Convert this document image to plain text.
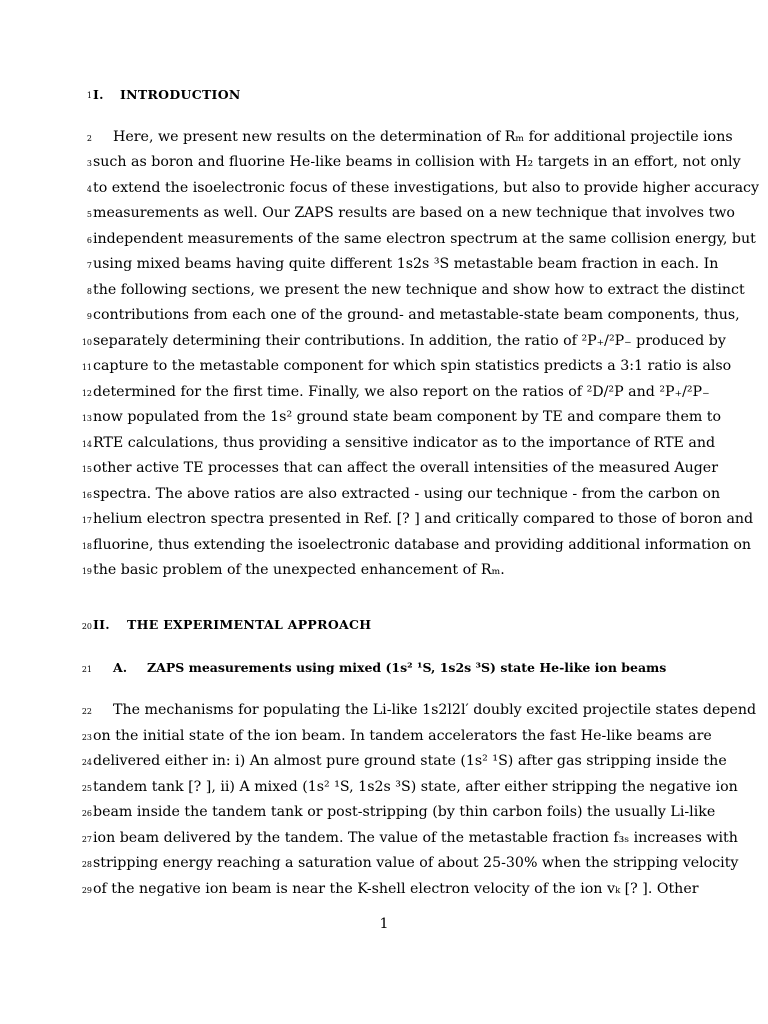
1
2
3
4
5
6
7
8
9
10
11
12
13
14
15
16
17
18
19
20
21
22
23
24
25
26
27
28
29
I. INTRODUCTION
Here, we present new results on the determination of Rₘ for additional projectile ions
such as boron and fluorine He-like beams in collision with H₂ targets in an effort, not only
to extend the isoelectronic focus of these investigations, but also to provide higher accuracy
measurements as well. Our ZAPS results are based on a new technique that involves two
independent measurements of the same electron spectrum at the same collision energy, but
using mixed beams having quite different 1s2s ³S metastable beam fraction in each. In
the following sections, we present the new technique and show how to extract the distinct
contributions from each one of the ground- and metastable-state beam components, thus,
separately determining their contributions. In addition, the ratio of ²P₊/²P₋ produced by
capture to the metastable component for which spin statistics predicts a 3:1 ratio is also
determined for the first time. Finally, we also report on the ratios of ²D/²P and ²P₊/²P₋
now populated from the 1s² ground state beam component by TE and compare them to
RTE calculations, thus providing a sensitive indicator as to the importance of RTE and
other active TE processes that can affect the overall intensities of the measured Auger
spectra. The above ratios are also extracted - using our technique - from the carbon on
helium electron spectra presented in Ref. [? ] and critically compared to those of boron and
fluorine, thus extending the isoelectronic database and providing additional information on
the basic problem of the unexpected enhancement of Rₘ.
II. THE EXPERIMENTAL APPROACH
A. ZAPS measurements using mixed (1s² ¹S, 1s2s ³S) state He-like ion beams
The mechanisms for populating the Li-like 1s2l2l′ doubly excited projectile states depend
on the initial state of the ion beam. In tandem accelerators the fast He-like beams are
delivered either in: i) An almost pure ground state (1s² ¹S) after gas stripping inside the
tandem tank [? ], ii) A mixed (1s² ¹S, 1s2s ³S) state, after either stripping the negative ion
beam inside the tandem tank or post-stripping (by thin carbon foils) the usually Li-like
ion beam delivered by the tandem. The value of the metastable fraction f₃ₛ increases with
stripping energy reaching a saturation value of about 25-30% when the stripping velocity
of the negative ion beam is near the K-shell electron velocity of the ion vₖ [? ]. Other
1
